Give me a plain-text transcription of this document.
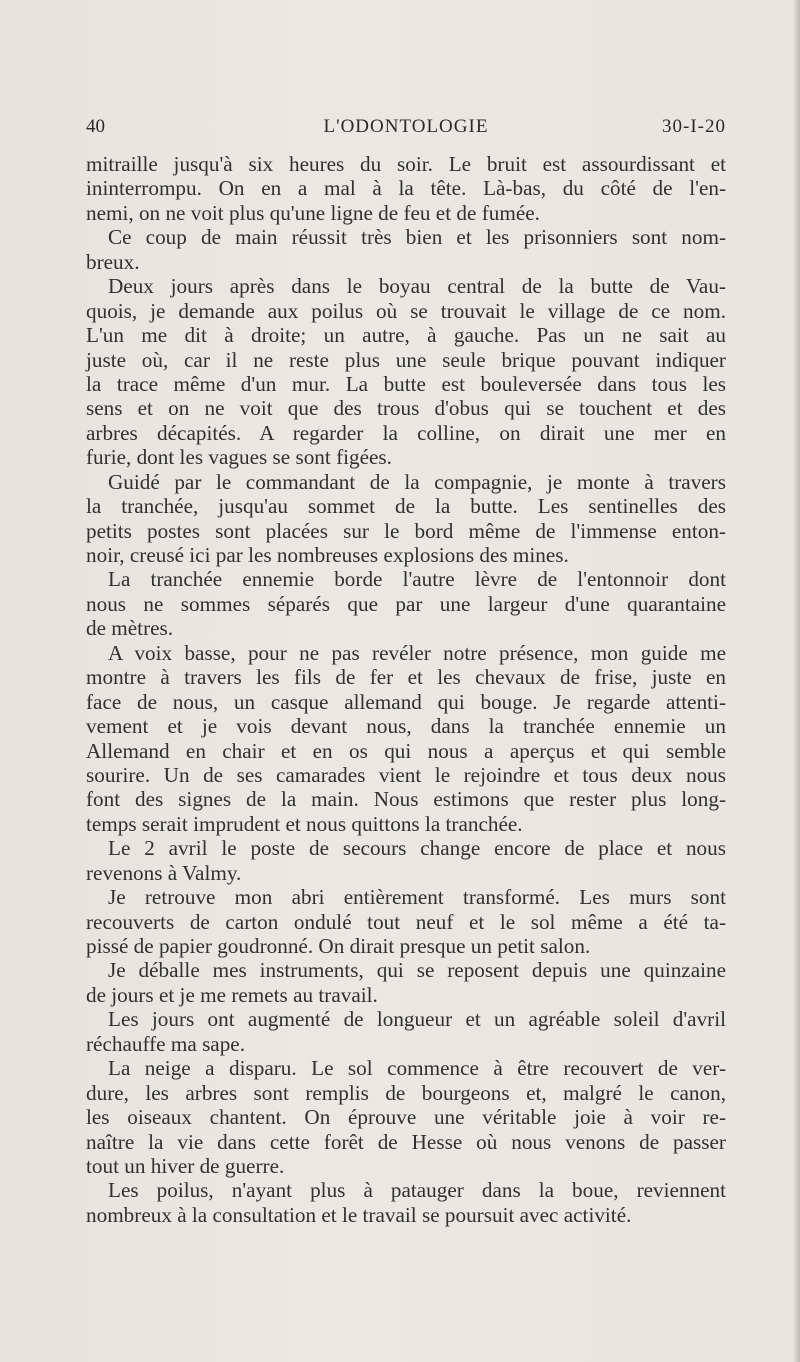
40	L'ODONTOLOGIE	30-I-20
mitraille jusqu'à six heures du soir. Le bruit est assourdissant et
ininterrompu. On en a mal à la tête. Là-bas, du côté de l'en-
nemi, on ne voit plus qu'une ligne de feu et de fumée.
Ce coup de main réussit très bien et les prisonniers sont nom-
breux.
Deux jours après dans le boyau central de la butte de Vau-
quois, je demande aux poilus où se trouvait le village de ce nom.
L'un me dit à droite; un autre, à gauche. Pas un ne sait au
juste où, car il ne reste plus une seule brique pouvant indiquer
la trace même d'un mur. La butte est bouleversée dans tous les
sens et on ne voit que des trous d'obus qui se touchent et des
arbres décapités. A regarder la colline, on dirait une mer en
furie, dont les vagues se sont figées.
Guidé par le commandant de la compagnie, je monte à travers
la tranchée, jusqu'au sommet de la butte. Les sentinelles des
petits postes sont placées sur le bord même de l'immense enton-
noir, creusé ici par les nombreuses explosions des mines.
La tranchée ennemie borde l'autre lèvre de l'entonnoir dont
nous ne sommes séparés que par une largeur d'une quarantaine
de mètres.
A voix basse, pour ne pas revéler notre présence, mon guide me
montre à travers les fils de fer et les chevaux de frise, juste en
face de nous, un casque allemand qui bouge. Je regarde attenti-
vement et je vois devant nous, dans la tranchée ennemie un
Allemand en chair et en os qui nous a aperçus et qui semble
sourire. Un de ses camarades vient le rejoindre et tous deux nous
font des signes de la main. Nous estimons que rester plus long-
temps serait imprudent et nous quittons la tranchée.
Le 2 avril le poste de secours change encore de place et nous
revenons à Valmy.
Je retrouve mon abri entièrement transformé. Les murs sont
recouverts de carton ondulé tout neuf et le sol même a été ta-
pissé de papier goudronné. On dirait presque un petit salon.
Je déballe mes instruments, qui se reposent depuis une quinzaine
de jours et je me remets au travail.
Les jours ont augmenté de longueur et un agréable soleil d'avril
réchauffe ma sape.
La neige a disparu. Le sol commence à être recouvert de ver-
dure, les arbres sont remplis de bourgeons et, malgré le canon,
les oiseaux chantent. On éprouve une véritable joie à voir re-
naître la vie dans cette forêt de Hesse où nous venons de passer
tout un hiver de guerre.
Les poilus, n'ayant plus à patauger dans la boue, reviennent
nombreux à la consultation et le travail se poursuit avec activité.
